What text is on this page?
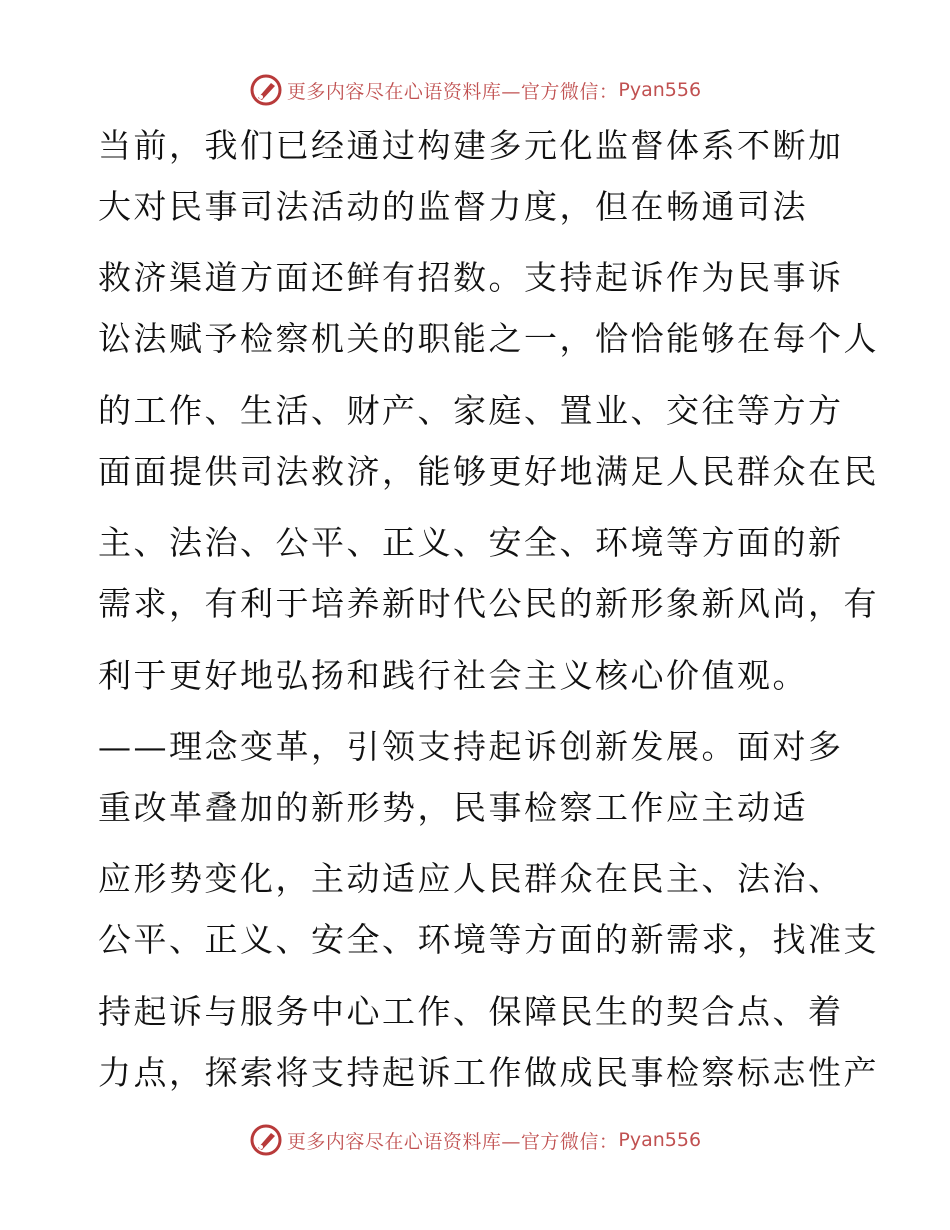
更多内容尽在心语资料库—官方微信： Pyan556
当前，我们已经通过构建多元化监督体系不断加
大对民事司法活动的监督力度，但在畅通司法
救济渠道方面还鲜有招数。支持起诉作为民事诉
讼法赋予检察机关的职能之一，恰恰能够在每个人
的工作、生活、财产、家庭、置业、交往等方方
面面提供司法救济，能够更好地满足人民群众在民
主、法治、公平、正义、安全、环境等方面的新
需求，有利于培养新时代公民的新形象新风尚，有
利于更好地弘扬和践行社会主义核心价值观。
——理念变革，引领支持起诉创新发展。面对多
重改革叠加的新形势，民事检察工作应主动适
应形势变化，主动适应人民群众在民主、法治、
公平、正义、安全、环境等方面的新需求，找准支
持起诉与服务中心工作、保障民生的契合点、着
力点，探索将支持起诉工作做成民事检察标志性产
更多内容尽在心语资料库—官方微信： Pyan556
